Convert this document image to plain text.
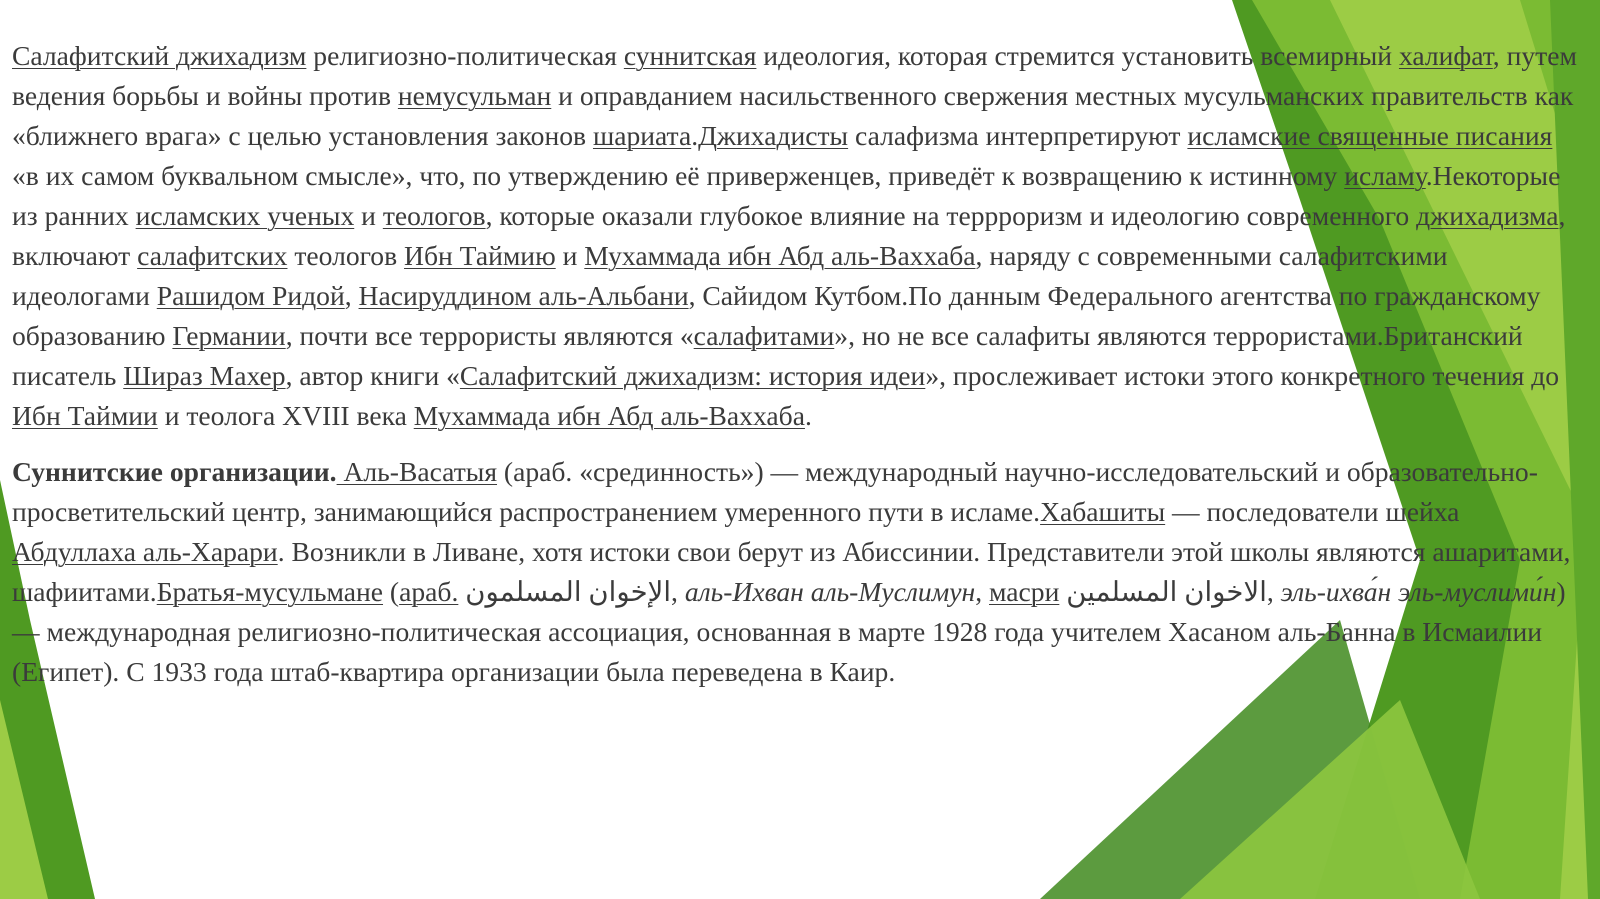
Салафитский джихадизм религиозно-политическая суннитская идеология, которая стремится установить всемирный халифат, путем ведения борьбы и войны против немусульман и оправданием насильственного свержения местных мусульманских правительств как «ближнего врага» с целью установления законов шариата.Джихадисты салафизма интерпретируют исламские священные писания «в их самом буквальном смысле», что, по утверждению её приверженцев, приведёт к возвращению к истинному исламу.Некоторые из ранних исламских ученых и теологов, которые оказали глубокое влияние на террроризм и идеологию современного джихадизма, включают салафитских теологов Ибн Таймию и Мухаммада ибн Абд аль-Ваххаба, наряду с современными салафитскими идеологами Рашидом Ридой, Насируддином аль-Альбани, Сайидом Кутбом.По данным Федерального агентства по гражданскому образованию Германии, почти все террористы являются «салафитами», но не все салафиты являются террористами.Британский писатель Шираз Махер, автор книги «Салафитский джихадизм: история идеи», прослеживает истоки этого конкретного течения до Ибн Таймии и теолога XVIII века Мухаммада ибн Абд аль-Ваххаба.

Суннитские организации. Аль-Васатыя (араб. «срединность») — международный научно-исследовательский и образовательно-просветительский центр, занимающийся распространением умеренного пути в исламе.Хабашиты — последователи шейха Абдуллаха аль-Харари. Возникли в Ливане, хотя истоки свои берут из Абиссинии. Представители этой школы являются ашаритами, шафиитами.Братья-мусульмане (араб. الإخوان المسلمون, аль-Ихван аль-Муслимун, масри الاخوان المسلمين, эль-ихва́н эль-муслими́н) — международная религиозно-политическая ассоциация, основанная в марте 1928 года учителем Хасаном аль-Банна в Исмаилии (Египет). С 1933 года штаб-квартира организации была переведена в Каир.
